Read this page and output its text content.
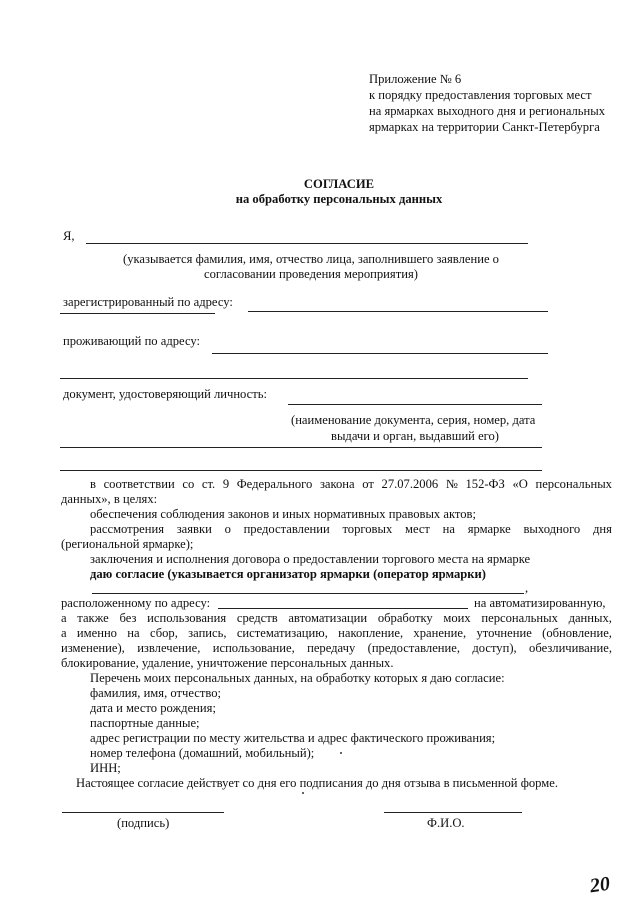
Приложение № 6
к порядку предоставления торговых мест
на ярмарках выходного дня и региональных
ярмарках на территории Санкт-Петербурга
СОГЛАСИЕ
на обработку персональных данных
Я,
(указывается фамилия, имя, отчество лица, заполнившего заявление о
согласовании проведения мероприятия)
зарегистрированный по адресу:
проживающий по адресу:
документ, удостоверяющий личность:
(наименование документа, серия, номер, дата
выдачи и орган, выдавший его)
в соответствии со ст. 9 Федерального закона от 27.07.2006 № 152-ФЗ «О персональных
данных», в целях:
обеспечения соблюдения законов и иных нормативных правовых актов;
рассмотрения заявки о предоставлении торговых мест на ярмарке выходного дня
(региональной ярмарке);
заключения и исполнения договора о предоставлении торгового места на ярмарке
даю согласие (указывается организатор ярмарки (оператор ярмарки)
,
расположенному по адресу:	на автоматизированную,
а также без использования средств автоматизации обработку моих персональных данных,
а именно на сбор, запись, систематизацию, накопление, хранение, уточнение (обновление,
изменение), извлечение, использование, передачу (предоставление, доступ), обезличивание,
блокирование, удаление, уничтожение персональных данных.
Перечень моих персональных данных, на обработку которых я даю согласие:
фамилия, имя, отчество;
дата и место рождения;
паспортные данные;
адрес регистрации по месту жительства и адрес фактического проживания;
номер телефона (домашний, мобильный);
ИНН;
Настоящее согласие действует со дня его подписания до дня отзыва в письменной форме.
(подпись)	Ф.И.О.
20
